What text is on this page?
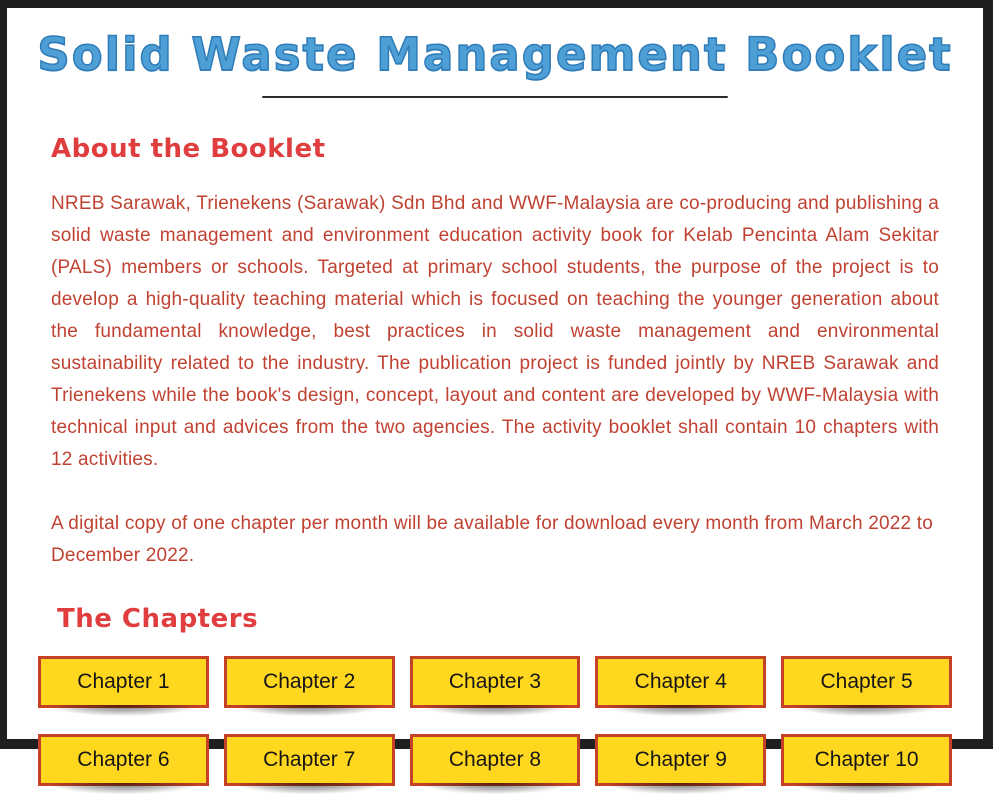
Solid Waste Management Booklet
About the Booklet
NREB Sarawak, Trienekens (Sarawak) Sdn Bhd and WWF-Malaysia are co-producing and publishing a solid waste management and environment education activity book for Kelab Pencinta Alam Sekitar (PALS) members or schools. Targeted at primary school students, the purpose of the project is to develop a high-quality teaching material which is focused on teaching the younger generation about the fundamental knowledge, best practices in solid waste management and environmental sustainability related to the industry. The publication project is funded jointly by NREB Sarawak and Trienekens while the book's design, concept, layout and content are developed by WWF-Malaysia with technical input and advices from the two agencies. The activity booklet shall contain 10 chapters with 12 activities.
A digital copy of one chapter per month will be available for download every month from March 2022 to December 2022.
The Chapters
Chapter 1	Chapter 2	Chapter 3	Chapter 4	Chapter 5
Chapter 6	Chapter 7	Chapter 8	Chapter 9	Chapter 10
